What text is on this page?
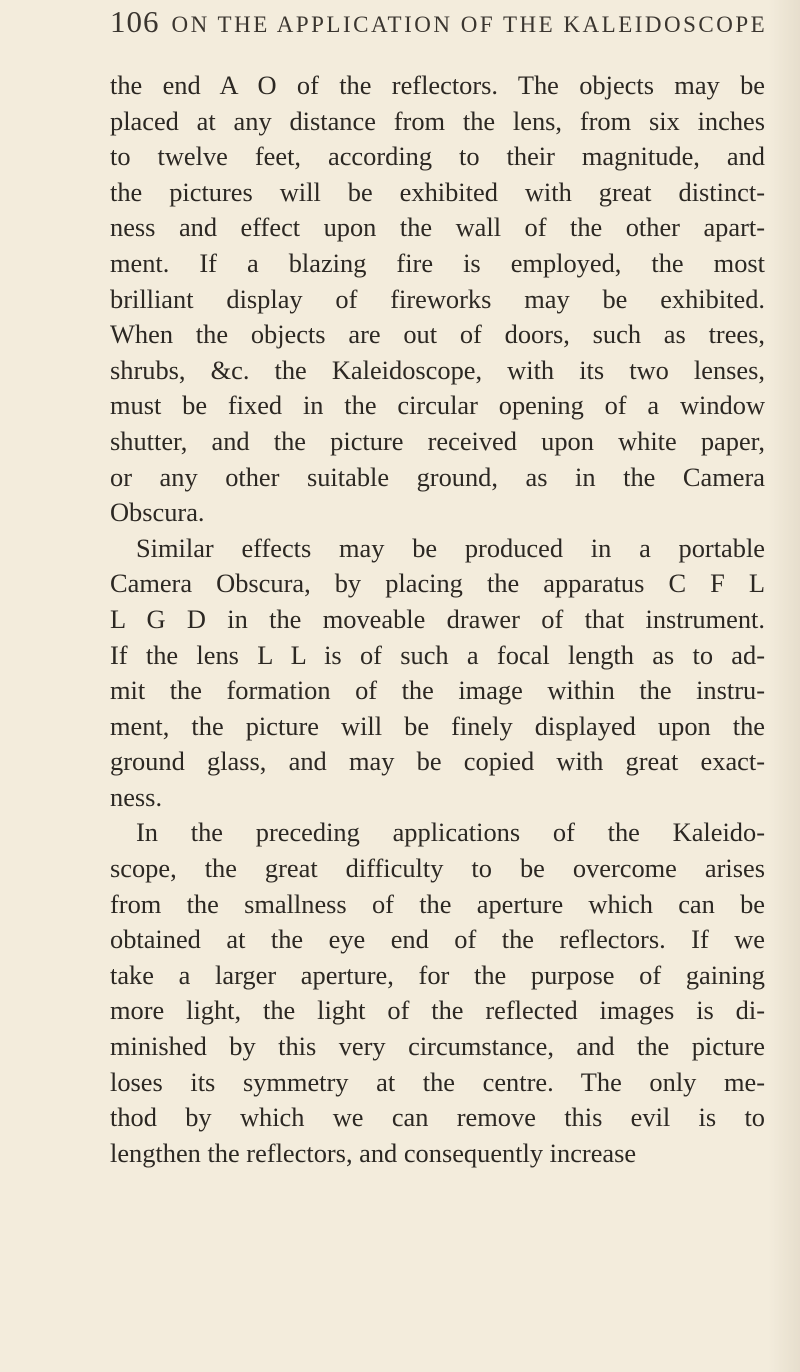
106 ON THE APPLICATION OF THE KALEIDOSCOPE
the end A O of the reflectors. The objects may be
placed at any distance from the lens, from six inches
to twelve feet, according to their magnitude, and
the pictures will be exhibited with great distinct-
ness and effect upon the wall of the other apart-
ment. If a blazing fire is employed, the most
brilliant display of fireworks may be exhibited.
When the objects are out of doors, such as trees,
shrubs, &c. the Kaleidoscope, with its two lenses,
must be fixed in the circular opening of a window
shutter, and the picture received upon white paper,
or any other suitable ground, as in the Camera
Obscura.
Similar effects may be produced in a portable
Camera Obscura, by placing the apparatus C F L
L G D in the moveable drawer of that instrument.
If the lens L L is of such a focal length as to ad-
mit the formation of the image within the instru-
ment, the picture will be finely displayed upon the
ground glass, and may be copied with great exact-
ness.
In the preceding applications of the Kaleido-
scope, the great difficulty to be overcome arises
from the smallness of the aperture which can be
obtained at the eye end of the reflectors. If we
take a larger aperture, for the purpose of gaining
more light, the light of the reflected images is di-
minished by this very circumstance, and the picture
loses its symmetry at the centre. The only me-
thod by which we can remove this evil is to
lengthen the reflectors, and consequently increase
